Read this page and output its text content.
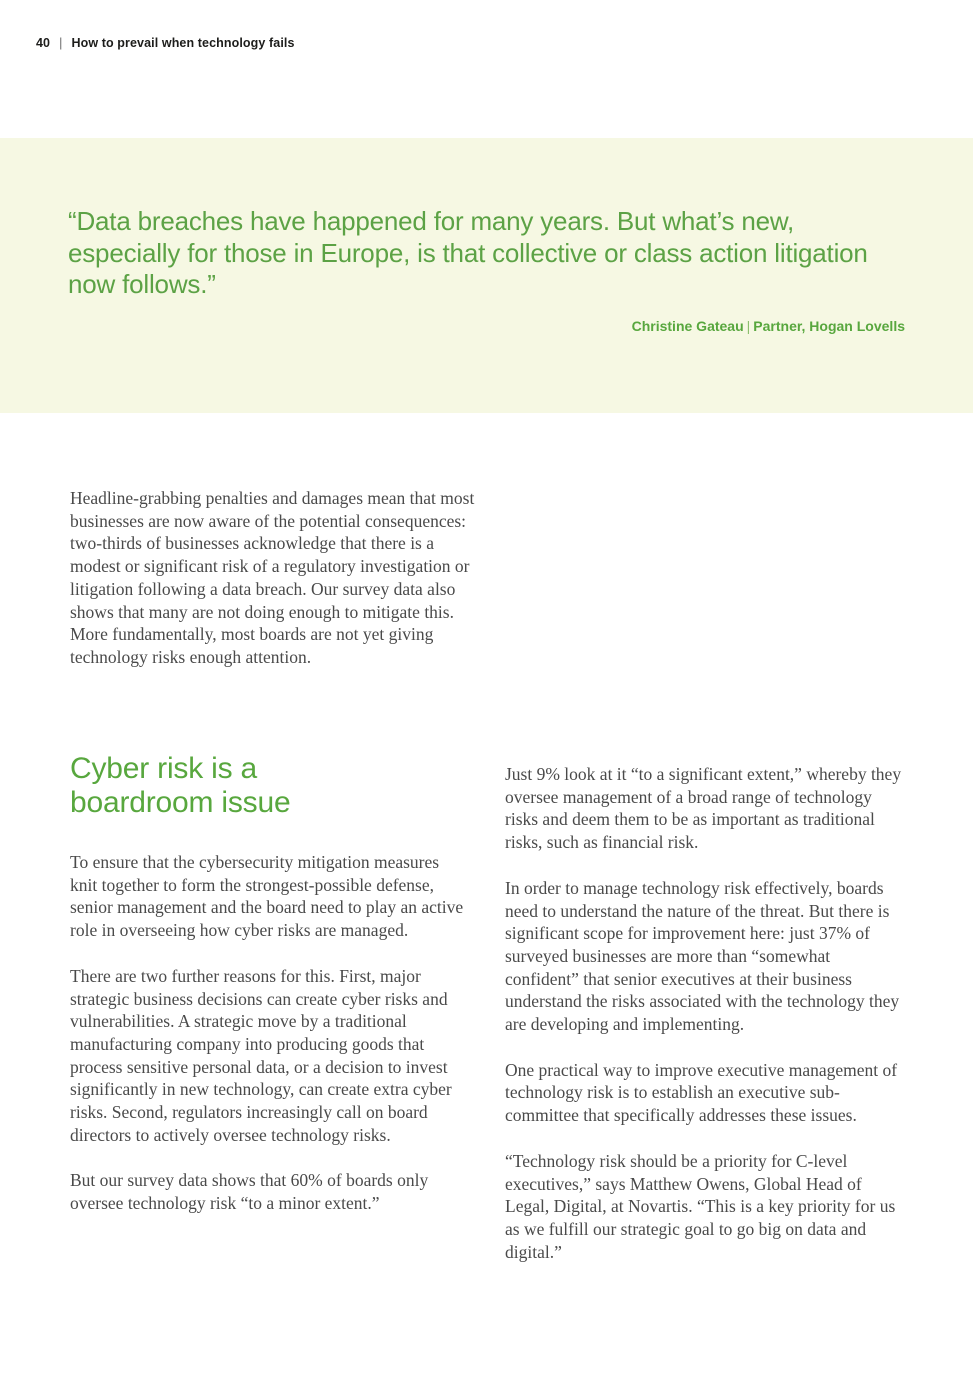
40 | How to prevail when technology fails
“Data breaches have happened for many years. But what’s new, especially for those in Europe, is that collective or class action litigation now follows.”
Christine Gateau | Partner, Hogan Lovells

Headline-grabbing penalties and damages mean that most businesses are now aware of the potential consequences: two-thirds of businesses acknowledge that there is a modest or significant risk of a regulatory investigation or litigation following a data breach. Our survey data also shows that many are not doing enough to mitigate this. More fundamentally, most boards are not yet giving technology risks enough attention.

Cyber risk is a boardroom issue

To ensure that the cybersecurity mitigation measures knit together to form the strongest-possible defense, senior management and the board need to play an active role in overseeing how cyber risks are managed.

There are two further reasons for this. First, major strategic business decisions can create cyber risks and vulnerabilities. A strategic move by a traditional manufacturing company into producing goods that process sensitive personal data, or a decision to invest significantly in new technology, can create extra cyber risks. Second, regulators increasingly call on board directors to actively oversee technology risks.

But our survey data shows that 60% of boards only oversee technology risk “to a minor extent.”

Just 9% look at it “to a significant extent,” whereby they oversee management of a broad range of technology risks and deem them to be as important as traditional risks, such as financial risk.

In order to manage technology risk effectively, boards need to understand the nature of the threat. But there is significant scope for improvement here: just 37% of surveyed businesses are more than “somewhat confident” that senior executives at their business understand the risks associated with the technology they are developing and implementing.

One practical way to improve executive management of technology risk is to establish an executive sub-committee that specifically addresses these issues.

“Technology risk should be a priority for C-level executives,” says Matthew Owens, Global Head of Legal, Digital, at Novartis. “This is a key priority for us as we fulfill our strategic goal to go big on data and digital.”
